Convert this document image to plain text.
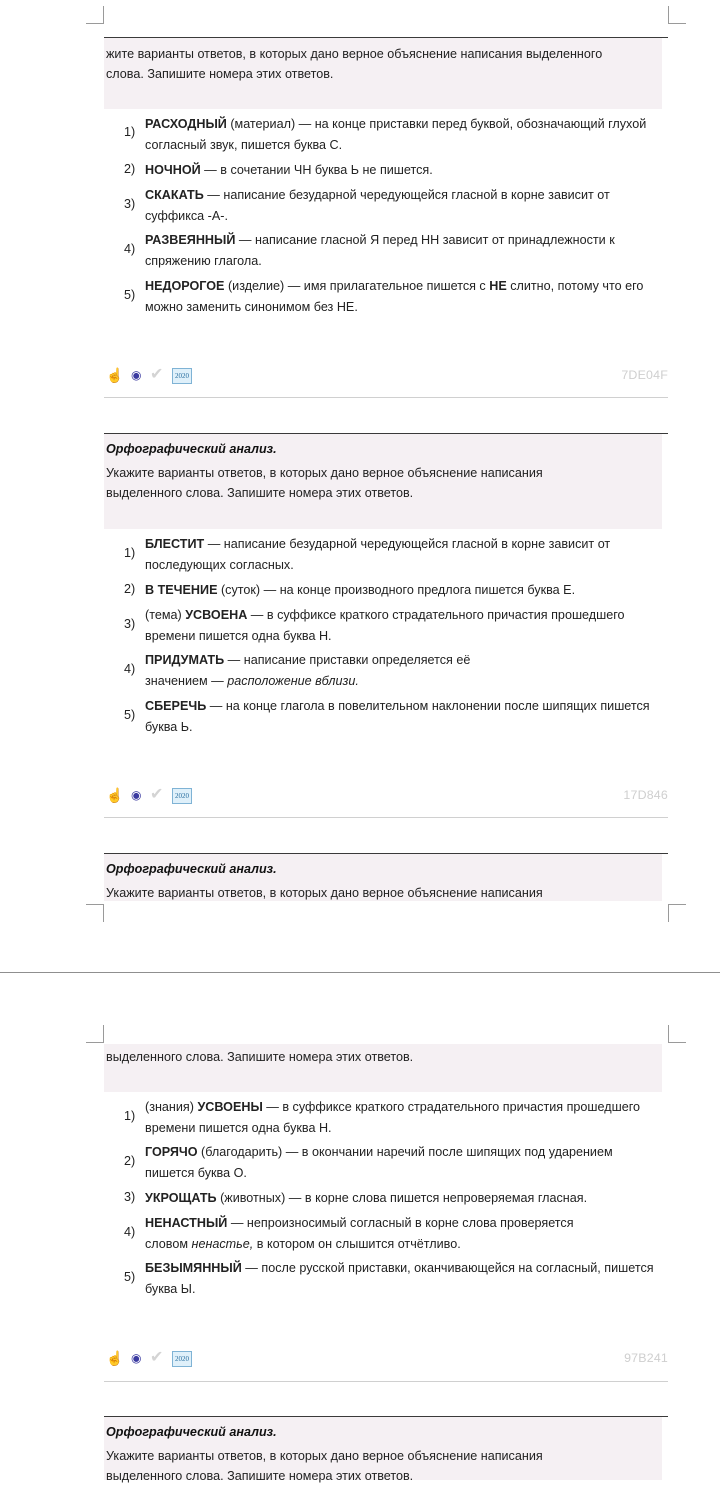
жите варианты ответов, в которых дано верное объяснение написания выделенного
слова. Запишите номера этих ответов.
1)
РАСХОДНЫЙ (материал) — на конце приставки перед буквой, обозначающий глухой согласный звук, пишется буква С.
2) НОЧНОЙ — в сочетании ЧН буква Ь не пишется.
3)
СКАКАТЬ — написание безударной чередующейся гласной в корне зависит от суффикса -А-.
4)
РАЗВЕЯННЫЙ — написание гласной Я перед НН зависит от принадлежности к спряжению глагола.
5)
НЕДОРОГОЕ (изделие) — имя прилагательное пишется с НЕ слитно, потому что его можно заменить синонимом без НЕ.
☝ ◉ ✔	2020	7DE04F
Орфографический анализ.
Укажите варианты ответов, в которых дано верное объяснение написания
выделенного слова. Запишите номера этих ответов.
1)
БЛЕСТИТ — написание безударной чередующейся гласной в корне зависит от последующих согласных.
2) В ТЕЧЕНИЕ (суток) — на конце производного предлога пишется буква Е.
3)
(тема) УСВОЕНА — в суффиксе краткого страдательного причастия прошедшего времени пишется одна буква Н.
4)
ПРИДУМАТЬ — написание приставки определяется её
значением — расположение вблизи.
5)
СБЕРЕЧЬ — на конце глагола в повелительном наклонении после шипящих пишется буква Ь.
☝ ◉ ✔	2020	17D846
Орфографический анализ.
Укажите варианты ответов, в которых дано верное объяснение написания
выделенного слова. Запишите номера этих ответов.
1)
(знания) УСВОЕНЫ — в суффиксе краткого страдательного причастия прошедшего времени пишется одна буква Н.
2)
ГОРЯЧО (благодарить) — в окончании наречий после шипящих под ударением пишется буква О.
3) УКРОЩАТЬ (животных) — в корне слова пишется непроверяемая гласная.
4)
НЕНАСТНЫЙ — непроизносимый согласный в корне слова проверяется
словом ненастье, в котором он слышится отчётливо.
5)
БЕЗЫМЯННЫЙ — после русской приставки, оканчивающейся на согласный, пишется буква Ы.
☝ ◉ ✔	2020	97B241
Орфографический анализ.
Укажите варианты ответов, в которых дано верное объяснение написания
выделенного слова. Запишите номера этих ответов.
